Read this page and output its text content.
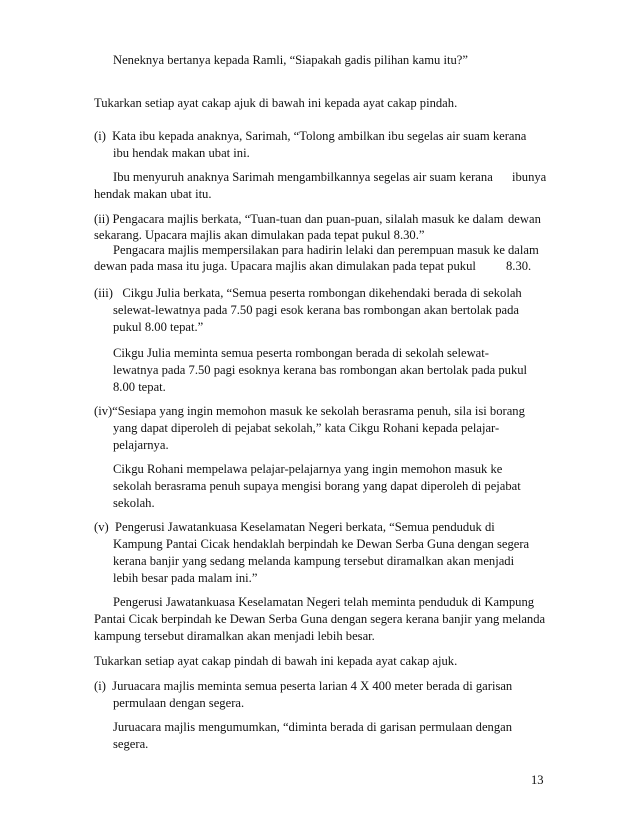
Neneknya bertanya kepada Ramli, “Siapakah gadis pilihan kamu itu?”
Tukarkan setiap ayat cakap ajuk di bawah ini kepada ayat cakap pindah.
(i)  Kata ibu kepada anaknya, Sarimah, “Tolong ambilkan ibu segelas air suam kerana
ibu hendak makan ubat ini.
Ibu menyuruh anaknya Sarimah mengambilkannya segelas air suam kerana ibunya
hendak makan ubat itu.
(ii) Pengacara majlis berkata, “Tuan-tuan dan puan-puan, silalah masuk ke dalam dewan
sekarang. Upacara majlis akan dimulakan pada tepat pukul 8.30.”
Pengacara majlis mempersilakan para hadirin lelaki dan perempuan masuk ke dalam
dewan pada masa itu juga. Upacara majlis akan dimulakan pada tepat pukul 8.30.
(iii)   Cikgu Julia berkata, “Semua peserta rombongan dikehendaki berada di sekolah
selewat-lewatnya pada 7.50 pagi esok kerana bas rombongan akan bertolak pada
pukul 8.00 tepat.”
Cikgu Julia meminta semua peserta rombongan berada di sekolah selewat-
lewatnya pada 7.50 pagi esoknya kerana bas rombongan akan bertolak pada pukul
8.00 tepat.
(iv)“Sesiapa yang ingin memohon masuk ke sekolah berasrama penuh, sila isi borang
yang dapat diperoleh di pejabat sekolah,” kata Cikgu Rohani kepada pelajar-
pelajarnya.
Cikgu Rohani mempelawa pelajar-pelajarnya yang ingin memohon masuk ke
sekolah berasrama penuh supaya mengisi borang yang dapat diperoleh di pejabat
sekolah.
(v)  Pengerusi Jawatankuasa Keselamatan Negeri berkata, “Semua penduduk di
Kampung Pantai Cicak hendaklah berpindah ke Dewan Serba Guna dengan segera
kerana banjir yang sedang melanda kampung tersebut diramalkan akan menjadi
lebih besar pada malam ini.”
Pengerusi Jawatankuasa Keselamatan Negeri telah meminta penduduk di Kampung
Pantai Cicak berpindah ke Dewan Serba Guna dengan segera kerana banjir yang melanda
kampung tersebut diramalkan akan menjadi lebih besar.
Tukarkan setiap ayat cakap pindah di bawah ini kepada ayat cakap ajuk.
(i)  Juruacara majlis meminta semua peserta larian 4 X 400 meter berada di garisan
permulaan dengan segera.
Juruacara majlis mengumumkan, “diminta berada di garisan permulaan dengan
segera.
13
